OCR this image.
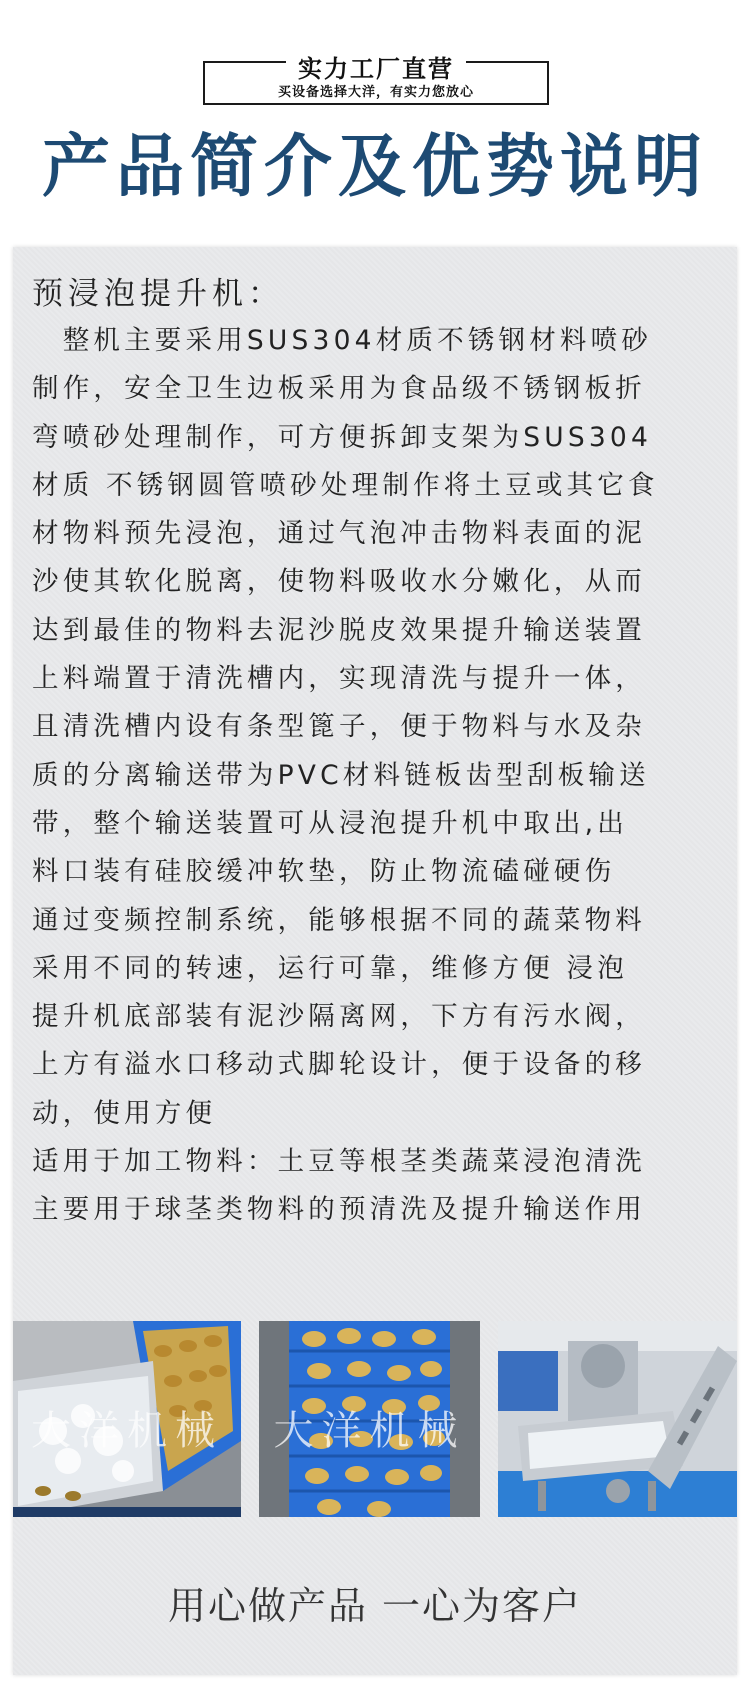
实力工厂直营
买设备选择大洋，有实力您放心
产品简介及优势说明
预浸泡提升机：
　整机主要采用SUS304材质不锈钢材料喷砂
制作，安全卫生边板采用为食品级不锈钢板折
弯喷砂处理制作，可方便拆卸支架为SUS304
材质 不锈钢圆管喷砂处理制作将土豆或其它食
材物料预先浸泡，通过气泡冲击物料表面的泥
沙使其软化脱离，使物料吸收水分嫩化，从而
达到最佳的物料去泥沙脱皮效果提升输送装置
上料端置于清洗槽内，实现清洗与提升一体，
且清洗槽内设有条型篦子，便于物料与水及杂
质的分离输送带为PVC材料链板齿型刮板输送
带，整个输送装置可从浸泡提升机中取出,出
料口装有硅胶缓冲软垫，防止物流磕碰硬伤
通过变频控制系统，能够根据不同的蔬菜物料
采用不同的转速，运行可靠，维修方便 浸泡
提升机底部装有泥沙隔离网，下方有污水阀，
上方有溢水口移动式脚轮设计，便于设备的移
动，使用方便
适用于加工物料：土豆等根茎类蔬菜浸泡清洗
主要用于球茎类物料的预清洗及提升输送作用
大洋机械	大洋机械
用心做产品 一心为客户
